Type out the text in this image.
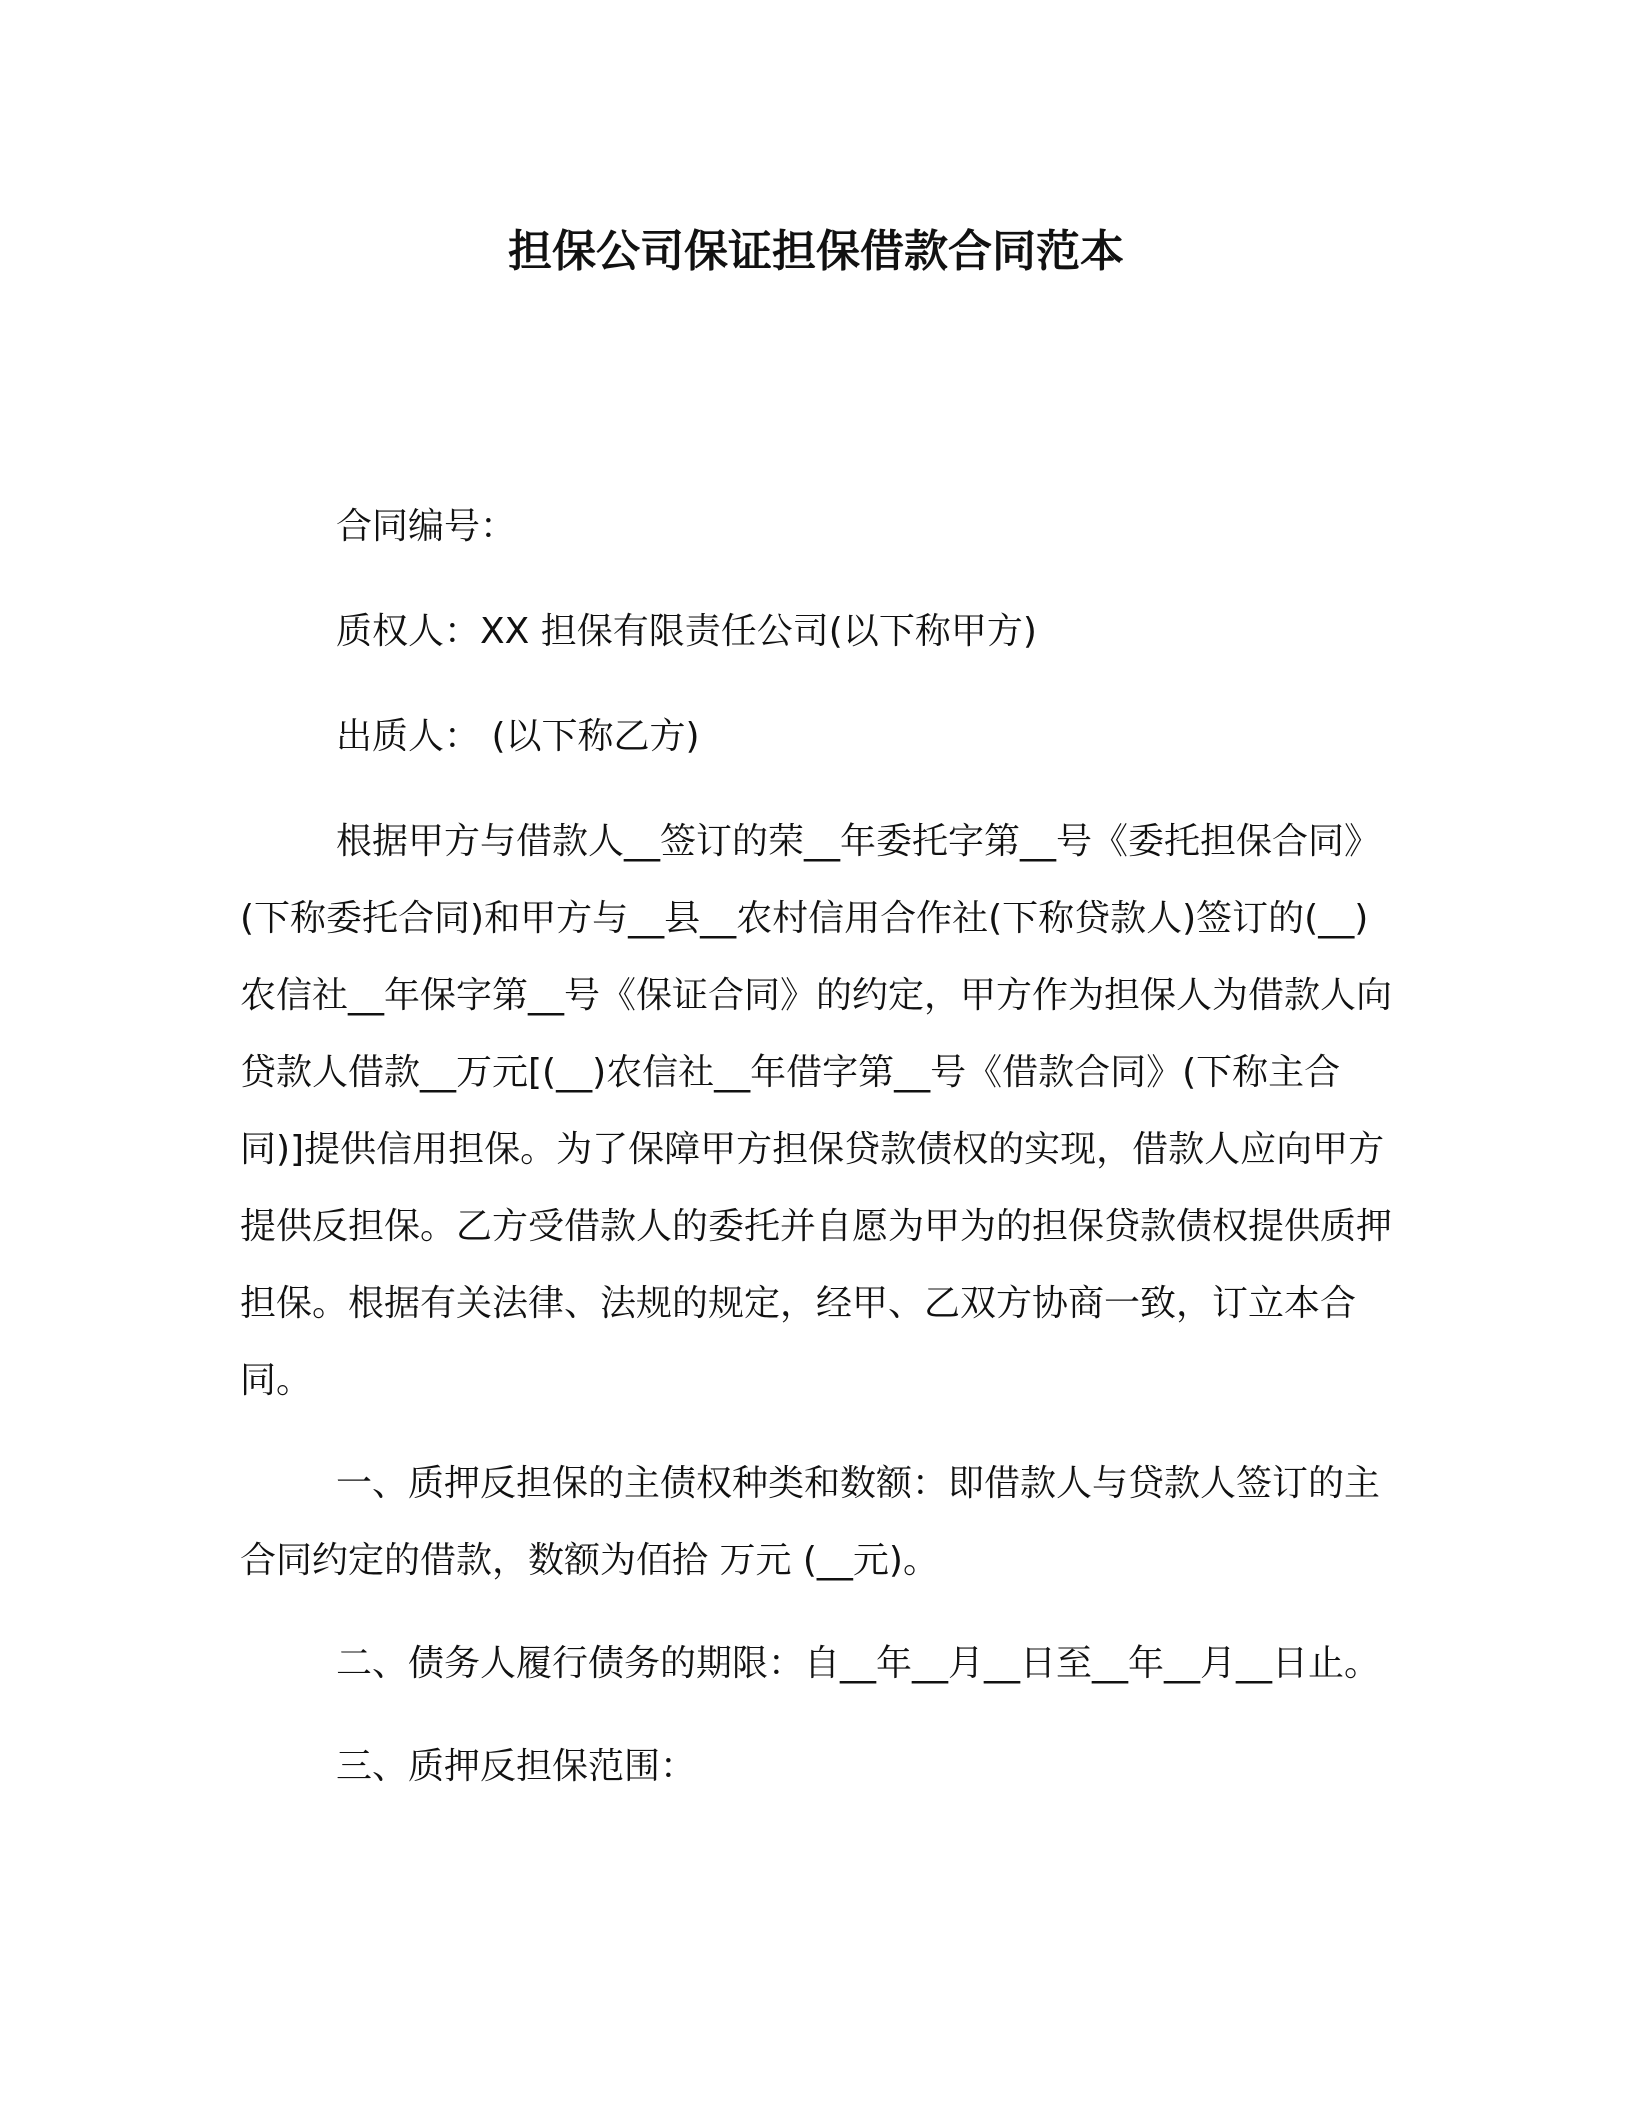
担保公司保证担保借款合同范本

合同编号：

质权人：XX 担保有限责任公司(以下称甲方)

出质人： (以下称乙方)

根据甲方与借款人__签订的荣__年委托字第__号《委托担保合同》(下称委托合同)和甲方与__县__农村信用合作社(下称贷款人)签订的(__)农信社__年保字第__号《保证合同》的约定，甲方作为担保人为借款人向贷款人借款__万元[(__)农信社__年借字第__号《借款合同》(下称主合同)]提供信用担保。为了保障甲方担保贷款债权的实现，借款人应向甲方提供反担保。乙方受借款人的委托并自愿为甲为的担保贷款债权提供质押担保。根据有关法律、法规的规定，经甲、乙双方协商一致，订立本合同。

一、质押反担保的主债权种类和数额：即借款人与贷款人签订的主合同约定的借款，数额为佰拾 万元 (__元)。

二、债务人履行债务的期限：自__年__月__日至__年__月__日止。

三、质押反担保范围：
